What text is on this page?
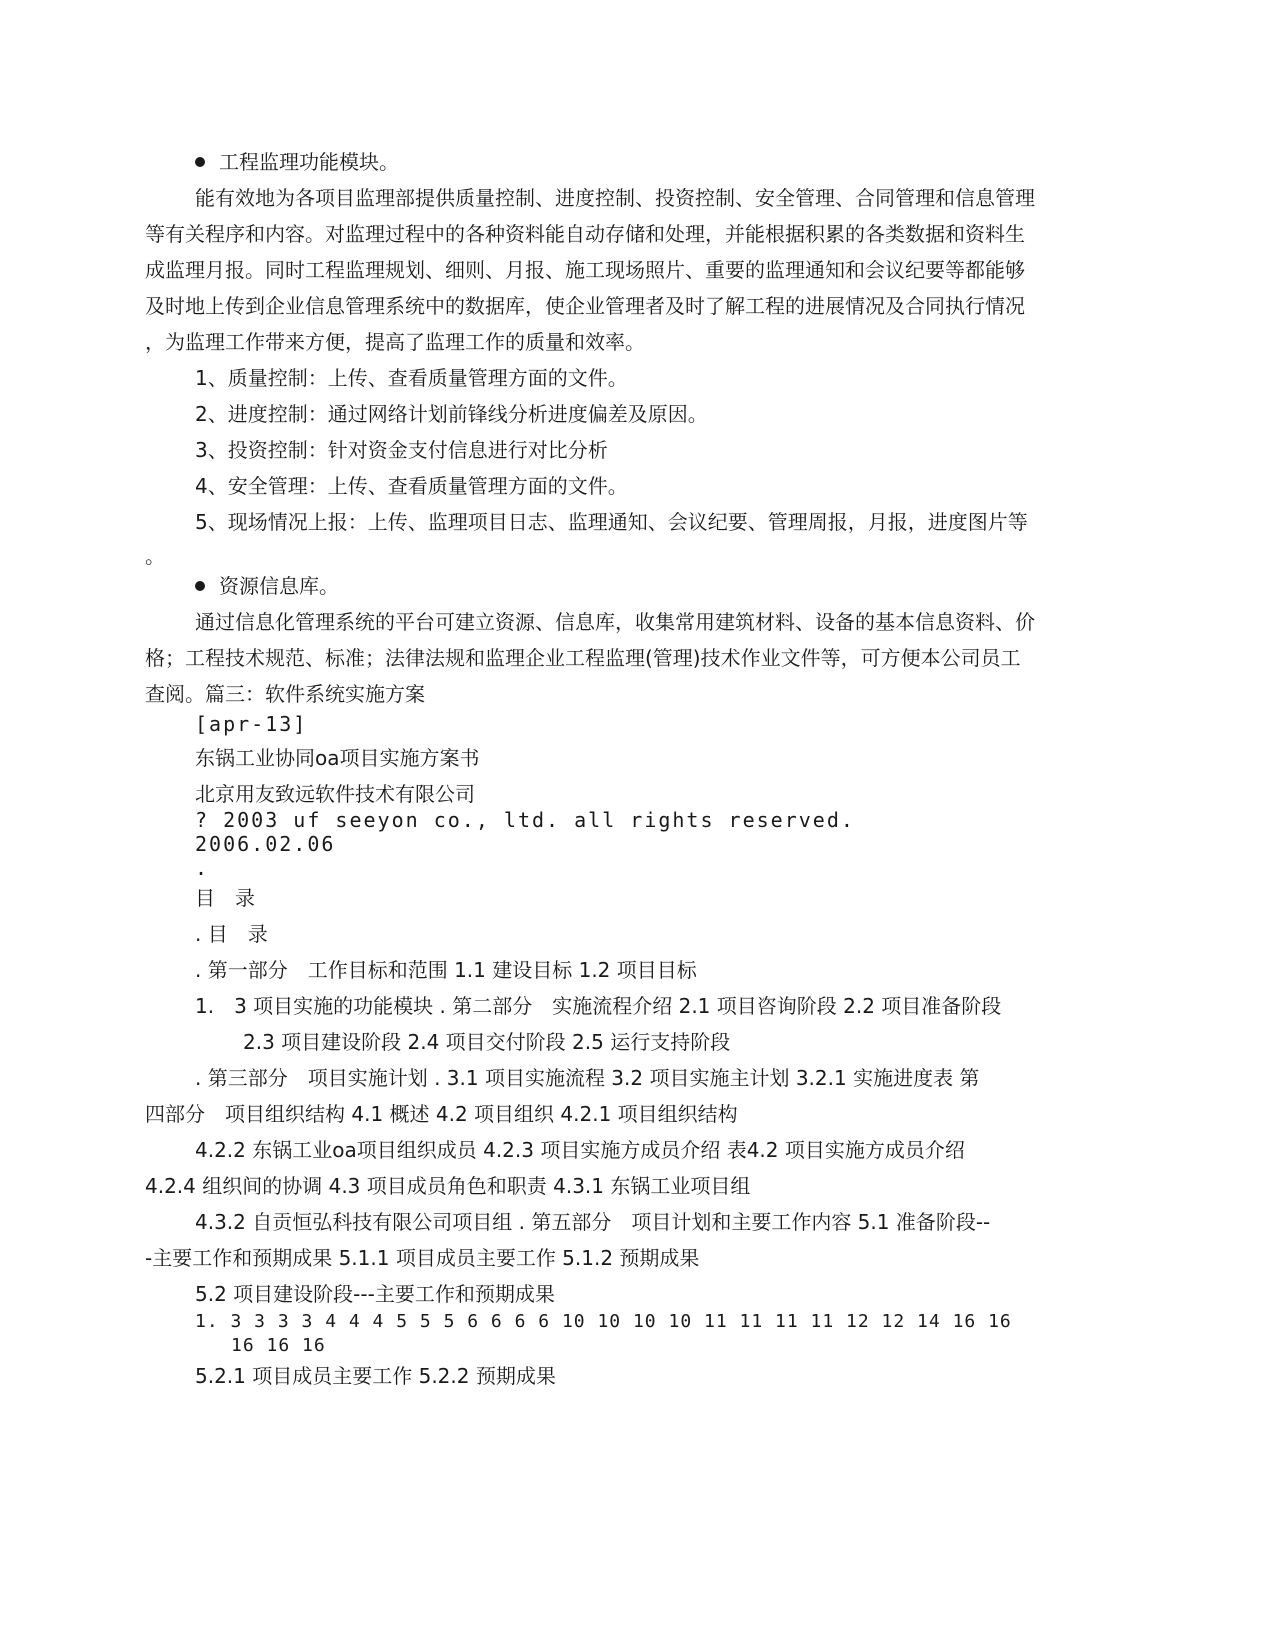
工程监理功能模块。
能有效地为各项目监理部提供质量控制、进度控制、投资控制、安全管理、合同管理和信息管理
等有关程序和内容。对监理过程中的各种资料能自动存储和处理，并能根据积累的各类数据和资料生
成监理月报。同时工程监理规划、细则、月报、施工现场照片、重要的监理通知和会议纪要等都能够
及时地上传到企业信息管理系统中的数据库，使企业管理者及时了解工程的进展情况及合同执行情况
，为监理工作带来方便，提高了监理工作的质量和效率。
1、质量控制：上传、查看质量管理方面的文件。
2、进度控制：通过网络计划前锋线分析进度偏差及原因。
3、投资控制：针对资金支付信息进行对比分析
4、安全管理：上传、查看质量管理方面的文件。
5、现场情况上报：上传、监理项目日志、监理通知、会议纪要、管理周报，月报，进度图片等
。
资源信息库。
通过信息化管理系统的平台可建立资源、信息库，收集常用建筑材料、设备的基本信息资料、价
格；工程技术规范、标准；法律法规和监理企业工程监理(管理)技术作业文件等，可方便本公司员工
查阅。篇三：软件系统实施方案
[apr-13]
东锅工业协同oa项目实施方案书
北京用友致远软件技术有限公司
? 2003 uf seeyon co., ltd. all rights reserved.
2006.02.06
.
目　录
. 目　录
. 第一部分　工作目标和范围 1.1 建设目标 1.2 项目目标
1.　3 项目实施的功能模块 . 第二部分　实施流程介绍 2.1 项目咨询阶段 2.2 项目准备阶段
2.3 项目建设阶段 2.4 项目交付阶段 2.5 运行支持阶段
. 第三部分　项目实施计划 . 3.1 项目实施流程 3.2 项目实施主计划 3.2.1 实施进度表 第
四部分　项目组织结构 4.1 概述 4.2 项目组织 4.2.1 项目组织结构
4.2.2 东锅工业oa项目组织成员 4.2.3 项目实施方成员介绍 表4.2 项目实施方成员介绍
4.2.4 组织间的协调 4.3 项目成员角色和职责 4.3.1 东锅工业项目组
4.3.2 自贡恒弘科技有限公司项目组 . 第五部分　项目计划和主要工作内容 5.1 准备阶段--
-主要工作和预期成果 5.1.1 项目成员主要工作 5.1.2 预期成果
5.2 项目建设阶段---主要工作和预期成果
1. 3 3 3 3 4 4 4 5 5 5 6 6 6 6 10 10 10 10 11 11 11 11 12 12 14 16 16
16 16 16
5.2.1 项目成员主要工作 5.2.2 预期成果
